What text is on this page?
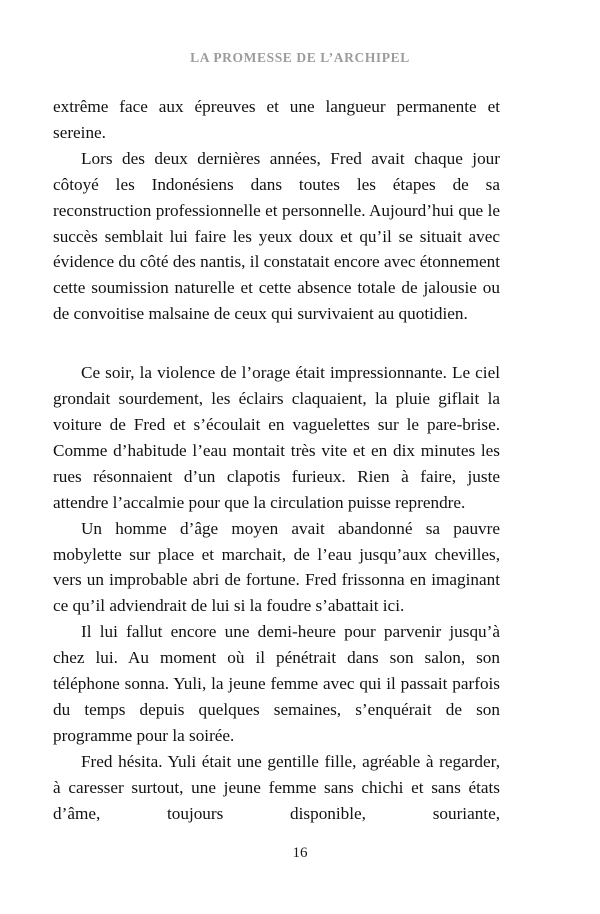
LA PROMESSE DE L’ARCHIPEL

extrême face aux épreuves et une langueur permanente et sereine.

Lors des deux dernières années, Fred avait chaque jour côtoyé les Indonésiens dans toutes les étapes de sa reconstruction professionnelle et personnelle. Aujourd’hui que le succès semblait lui faire les yeux doux et qu’il se situait avec évidence du côté des nantis, il constatait encore avec étonnement cette soumission naturelle et cette absence totale de jalousie ou de convoitise malsaine de ceux qui survivaient au quotidien.

Ce soir, la violence de l’orage était impressionnante. Le ciel grondait sourdement, les éclairs claquaient, la pluie giflait la voiture de Fred et s’écoulait en vaguelettes sur le pare-brise. Comme d’habitude l’eau montait très vite et en dix minutes les rues résonnaient d’un clapotis furieux. Rien à faire, juste attendre l’accalmie pour que la circulation puisse reprendre.

Un homme d’âge moyen avait abandonné sa pauvre mobylette sur place et marchait, de l’eau jusqu’aux chevilles, vers un improbable abri de fortune. Fred frissonna en imaginant ce qu’il adviendrait de lui si la foudre s’abattait ici.

Il lui fallut encore une demi-heure pour parvenir jusqu’à chez lui. Au moment où il pénétrait dans son salon, son téléphone sonna. Yuli, la jeune femme avec qui il passait parfois du temps depuis quelques semaines, s’enquérait de son programme pour la soirée.

Fred hésita. Yuli était une gentille fille, agréable à regarder, à caresser surtout, une jeune femme sans chichi et sans états d’âme, toujours disponible, souriante,

16
